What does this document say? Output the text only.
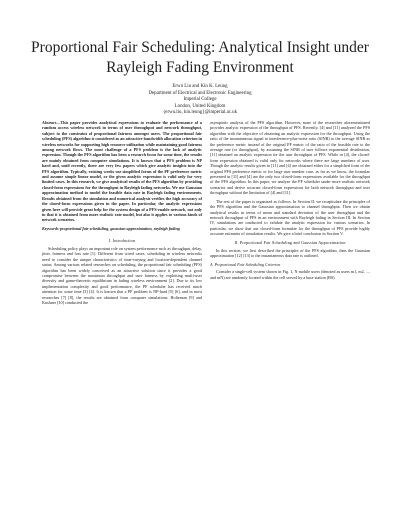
Proportional Fair Scheduling: Analytical Insight under Rayleigh Fading Environment
Erwu Liu and Kin K. Leung
Department of Electrical and Electronic Engineering
Imperial College
London, United Kingdom
{erwu.liu, kin.leung}@imperial.ac.uk

Abstract—This paper provides analytical expressions to evaluate the performance of a random access wireless network in terms of user throughput and network throughput, subject to the constraint of proportional fairness amongst users. The proportional fair scheduling (PFS) algorithm is considered as an attractive bandwidth allocation criterion in wireless networks for supporting high resource utilization while maintaining good fairness among network flows. The most challenge of a PFS problem is the lack of analytic expression. Though the PFS algorithm has been a research focus for some time, the results are mainly obtained from computer simulations. It is known that a PFS problem is NP hard and, until recently, there are very few papers which give analytic insights into the PFS algorithm. Typically, existing works use simplified forms of the PF preference metric and assume simple linear model, or the given analytic expression is valid only for very limited cases. In this research, we give analytical results of the PFS algorithm by providing closed-form expressions for the throughput in Rayleigh fading networks. We use Gaussian approximation method to model the feasible data rate in Rayleigh fading environments. Results obtained from the simulation and numerical analysis verifies the high accuracy of the closed-form expressions given in the paper. In particular, the analytic expressions given here will provide great help for the system design of a PFS-enable network, not only in that it is obtained from more realistic rate model, but also it applies to various kinds of network scenarios.

Keywords-proportional fair scheduling, gaussian approximation, rayleigh fading

I. Introduction

Scheduling policy plays an important role on system performance such as throughput, delay, jitter, fairness and loss rate [1]. Different from wired cases, scheduling in wireless networks need to consider the unique characteristics of time-varying and location-dependent channel status. Among various related researches on scheduling, the proportional fair scheduling (PFS) algorithm has been widely conceived as an attractive solution since it provides a good compromise between the maximum throughput and user fairness by exploiting multi-user diversity and game-theoretic equilibrium in fading wireless environment [2]. Due to its low implementation complexity and good performance, the PF scheduler has received much attention for some time [3] [4]. It is known that a PF problem is NP-hard [5] [6], and in most researches [7] [8], the results are obtained from computer simulations. Holtzman [9] and Kushner [10] conducted the

asymptotic analysis of the PFS algorithm. However, none of the researches aforementioned provides analytic expression of the throughput of PFS. Recently, [4] and [11] analyzed the PFS algorithm with the objective of obtaining an analytic expression for the throughput. Using the ratio of the instantaneous signal to interference-plus-noise ratio (SINR) to the average SINR as the preference metric instead of the original PF metric of the ratio of the feasible rate to the average rate (or throughput), by assuming the SINR of user follows exponential distribution, [11] obtained an analytic expression for the user throughput of PFS. While in [4], the closed-form expression obtained is valid only for networks where there are large numbers of user. Though the analytic results given in [11] and [4] are obtained either for a simplified form of the original PFS preference metric or for large user number case, as far as we know, the formulae presented in [11] and [4] are the only two closed-form expressions available for the throughput of the PFS algorithm. In this paper, we analyze the PF scheduler under more realistic network scenarios and derive accurate closed-form expressions for both network throughput and user throughput without the limitation of [4] and [11].

The rest of the paper is organized as follows. In Section II, we recapitulate the principles of the PFS algorithm and the Gaussian approximation to channel throughput. Then we obtain analytical results in terms of mean and standard deviation of the user throughput and the network throughput of PFS in an environment with Rayleigh fading in Section III. In Section IV, simulations are conducted to validate the analytic expression for various scenarios. In particular, we show that our closed-form formulae for the throughput of PFS provide highly accurate estimates of simulation results. We give a brief conclusion in Section V.

II. Proportional Fair Scheduling and Gaussian Approximation

In this section, we first described the principles of the PFS algorithm, then the Gaussian approximation [12] [13] to the instantaneous data rate is outlined.

A. Proportional Fair Scheduling Criterion

Consider a single-cell system shown in Fig. 1, N mobile users (denoted as users m1, m2, ..., and mN) are randomly located within the cell served by a base station (BS).
